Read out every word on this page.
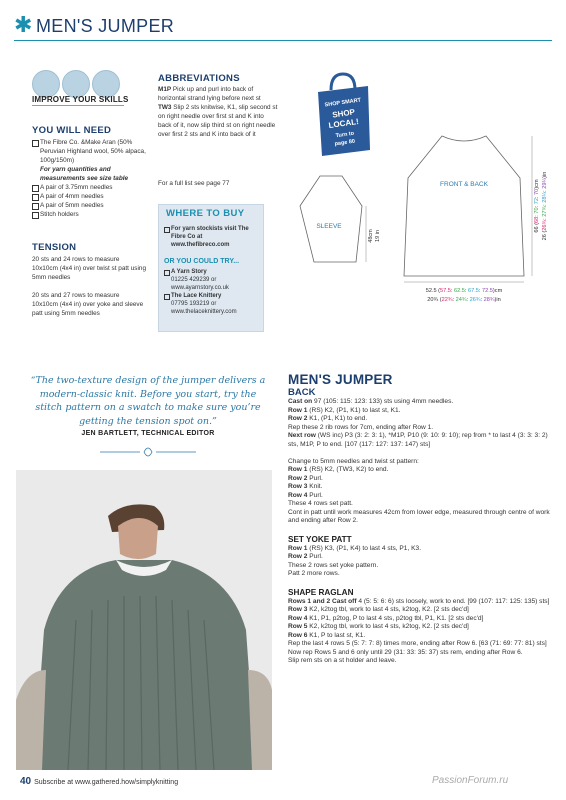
✱ MEN'S JUMPER
IMPROVE YOUR SKILLS
YOU WILL NEED
The Fibre Co. &Make Aran (50% Peruvian Highland wool, 50% alpaca, 100g/150m)
For yarn quantities and measurements see size table
A pair of 3.75mm needles
A pair of 4mm needles
A pair of 5mm needles
Stitch holders
TENSION

20 sts and 24 rows to measure 10x10cm (4x4 in) over twist st patt using 5mm needles

20 sts and 27 rows to measure 10x10cm (4x4 in) over yoke and sleeve patt using 5mm needles

ABBREVIATIONS

M1P Pick up and purl into back of horizontal strand lying before next st

TW3 Slip 2 sts knitwise, K1, slip second st on right needle over first st and K into back of it, now slip third st on right needle over first 2 sts and K into back of it

For a full list see page 77
WHERE TO BUY
For yarn stockists visit The Fibre Co at www.thefibreco.com
OR YOU COULD TRY...
A Yarn Story
01225 429239 or www.ayarnstory.co.uk
The Lace Knittery
07795 193219 or www.thelaceknittery.com
SHOP SMART
SHOP
LOCAL!
Turn to
page 80
FRONT & BACK
SLEEVE
48cm 19 in
66 (68: 70: 72: 70)cm
26 (26¾: 27¾: 28¼: 29¼)in
52.5 (57.5: 62.5: 67.5: 72.5)cm
20¾ (22¾: 24¾: 26¾: 28¾)in
“The two-texture design of the jumper delivers a modern-classic knit. Before you start, try the stitch pattern on a swatch to make sure you’re getting the tension spot on.”
JEN BARTLETT, TECHNICAL EDITOR
MEN'S JUMPER
BACK

Cast on 97 (105: 115: 123: 133) sts using 4mm needles.

Row 1 (RS) K2, (P1, K1) to last st, K1.

Row 2 K1, (P1, K1) to end.

Rep these 2 rib rows for 7cm, ending after Row 1.

Next row (WS inc) P3 (3: 2: 3: 1), *M1P, P10 (9: 10: 9: 10); rep from * to last 4 (3: 3: 3: 2) sts, M1P, P to end. [107 (117: 127: 137: 147) sts]

Change to 5mm needles and twist st pattern:

Row 1 (RS) K2, (TW3, K2) to end.

Row 2 Purl.

Row 3 Knit.

Row 4 Purl.

These 4 rows set patt.

Cont in patt until work measures 42cm from lower edge, measured through centre of work and ending after Row 2.

SET YOKE PATT

Row 1 (RS) K3, (P1, K4) to last 4 sts, P1, K3.

Row 2 Purl.

These 2 rows set yoke pattern.

Patt 2 more rows.

SHAPE RAGLAN

Rows 1 and 2 Cast off 4 (5: 5: 6: 6) sts loosely, work to end. [99 (107: 117: 125: 135) sts]

Row 3 K2, k2tog tbl, work to last 4 sts, k2tog, K2. [2 sts dec'd]

Row 4 K1, P1, p2tog, P to last 4 sts, p2tog tbl, P1, K1. [2 sts dec'd]

Row 5 K2, k2tog tbl, work to last 4 sts, k2tog, K2. [2 sts dec'd]

Row 6 K1, P to last st, K1.

Rep the last 4 rows 5 (5: 7: 7: 8) times more, ending after Row 6. [63 (71: 69: 77: 81) sts]

Now rep Rows 5 and 6 only until 29 (31: 33: 35: 37) sts rem, ending after Row 6.

Slip rem sts on a st holder and leave.

40 Subscribe at www.gathered.how/simplyknitting	PassionForum.ru
